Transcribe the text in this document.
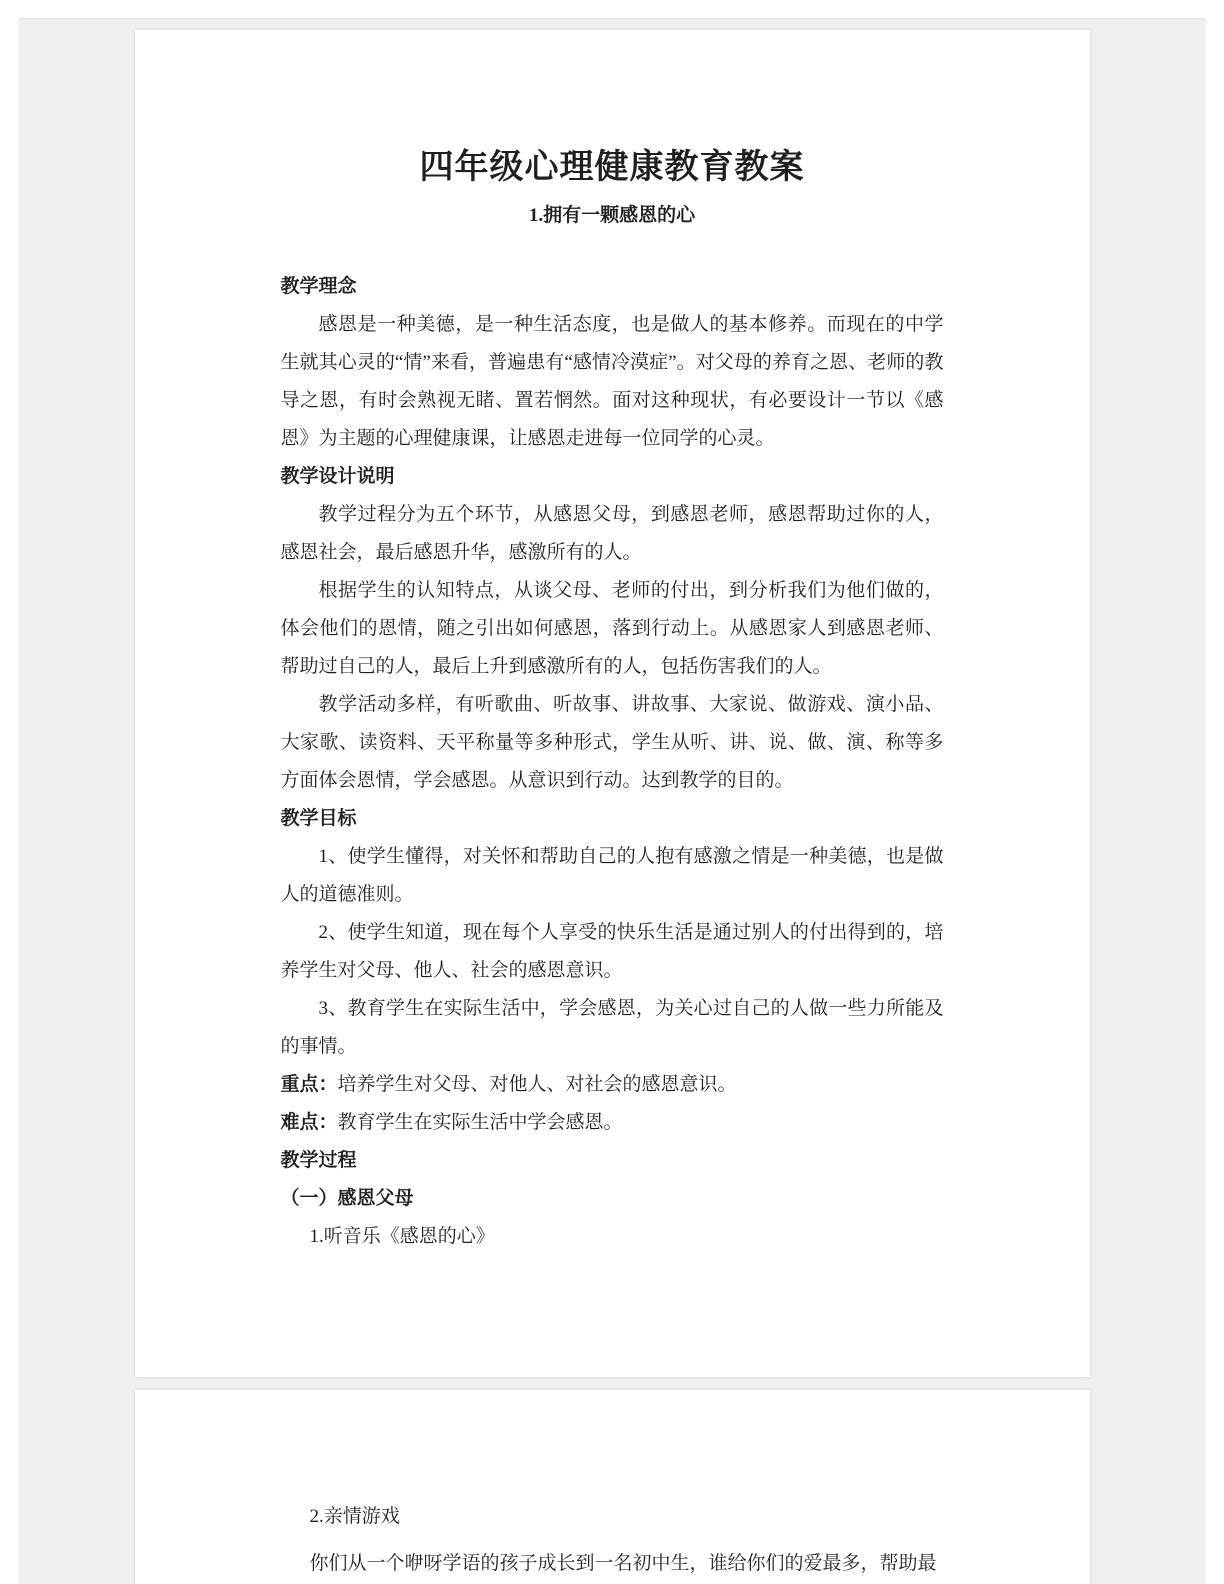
四年级心理健康教育教案
1.拥有一颗感恩的心
教学理念

感恩是一种美德，是一种生活态度，也是做人的基本修养。而现在的中学生就其心灵的“情”来看，普遍患有“感情冷漠症”。对父母的养育之恩、老师的教导之恩，有时会熟视无睹、置若惘然。面对这种现状，有必要设计一节以《感恩》为主题的心理健康课，让感恩走进每一位同学的心灵。

教学设计说明

教学过程分为五个环节，从感恩父母，到感恩老师，感恩帮助过你的人，感恩社会，最后感恩升华，感激所有的人。

根据学生的认知特点，从谈父母、老师的付出，到分析我们为他们做的，体会他们的恩情，随之引出如何感恩，落到行动上。从感恩家人到感恩老师、帮助过自己的人，最后上升到感激所有的人，包括伤害我们的人。

教学活动多样，有听歌曲、听故事、讲故事、大家说、做游戏、演小品、大家歌、读资料、天平称量等多种形式，学生从听、讲、说、做、演、称等多方面体会恩情，学会感恩。从意识到行动。达到教学的目的。

教学目标

1、使学生懂得，对关怀和帮助自己的人抱有感激之情是一种美德，也是做人的道德准则。

2、使学生知道，现在每个人享受的快乐生活是通过别人的付出得到的，培养学生对父母、他人、社会的感恩意识。

3、教育学生在实际生活中，学会感恩，为关心过自己的人做一些力所能及的事情。

重点：培养学生对父母、对他人、对社会的感恩意识。

难点：教育学生在实际生活中学会感恩。

教学过程
（一）感恩父母

1.听音乐《感恩的心》

2.亲情游戏

你们从一个咿呀学语的孩子成长到一名初中生，谁给你们的爱最多，帮助最
